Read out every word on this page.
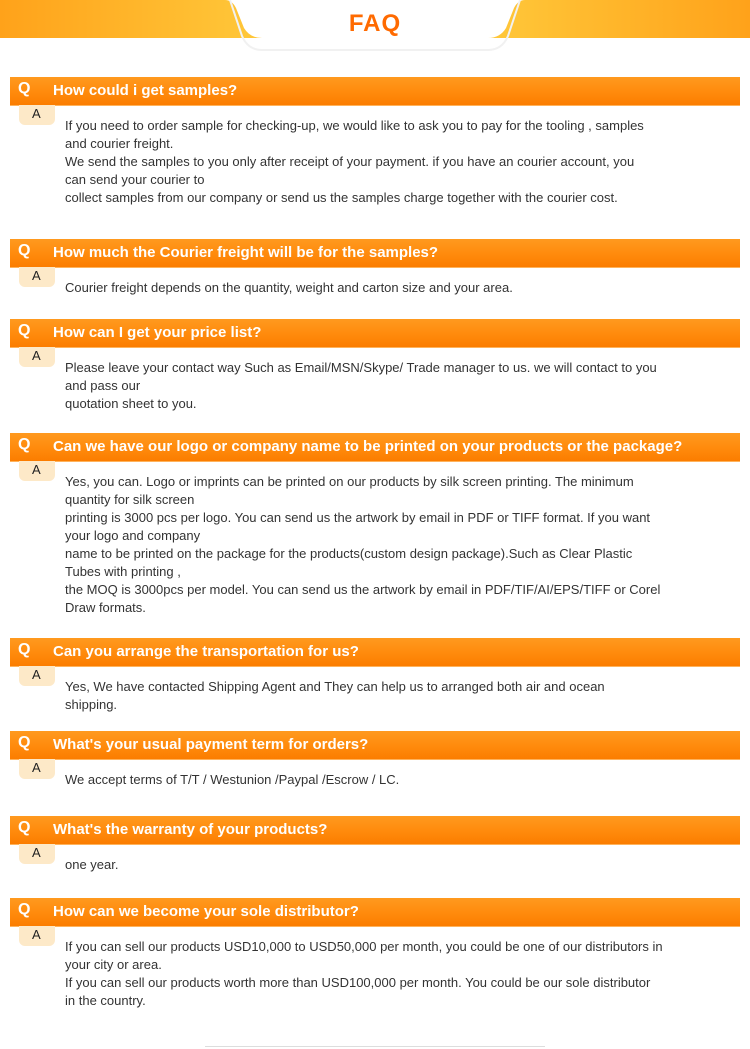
FAQ
Q How could i get samples?
A
If you need to order sample for checking-up, we would like to ask you to pay for the tooling , samples
and courier freight.
We send the samples to you only after receipt of your payment. if you have an courier account, you
can send your courier to
collect samples from our company or send us the samples charge together with the courier cost.
Q How much the Courier freight will be for the samples?
A
Courier freight depends on the quantity, weight and carton size and your area.
Q How can I get your price list?
A
Please leave your contact way Such as Email/MSN/Skype/ Trade manager to us. we will contact to you
and pass our
quotation sheet to you.
Q Can we have our logo or company name to be printed on your products or the package?
A
Yes, you can. Logo or imprints can be printed on our products by silk screen printing. The minimum
quantity for silk screen
printing is 3000 pcs per logo. You can send us the artwork by email in PDF or TIFF format. If you want
your logo and company
name to be printed on the package for the products(custom design package).Such as Clear Plastic
Tubes with printing ,
the MOQ is 3000pcs per model. You can send us the artwork by email in PDF/TIF/AI/EPS/TIFF or Corel
Draw formats.
Q Can you arrange the transportation for us?
A
Yes, We have contacted Shipping Agent and They can help us to arranged both air and ocean
shipping.
Q What's your usual payment term for orders?
A
We accept terms of T/T / Westunion /Paypal /Escrow / LC.
Q What's the warranty of your products?
A
one year.
Q How can we become your sole distributor?
A
If you can sell our products USD10,000 to USD50,000 per month, you could be one of our distributors in
your city or area.
If you can sell our products worth more than USD100,000 per month. You could be our sole distributor
in the country.
